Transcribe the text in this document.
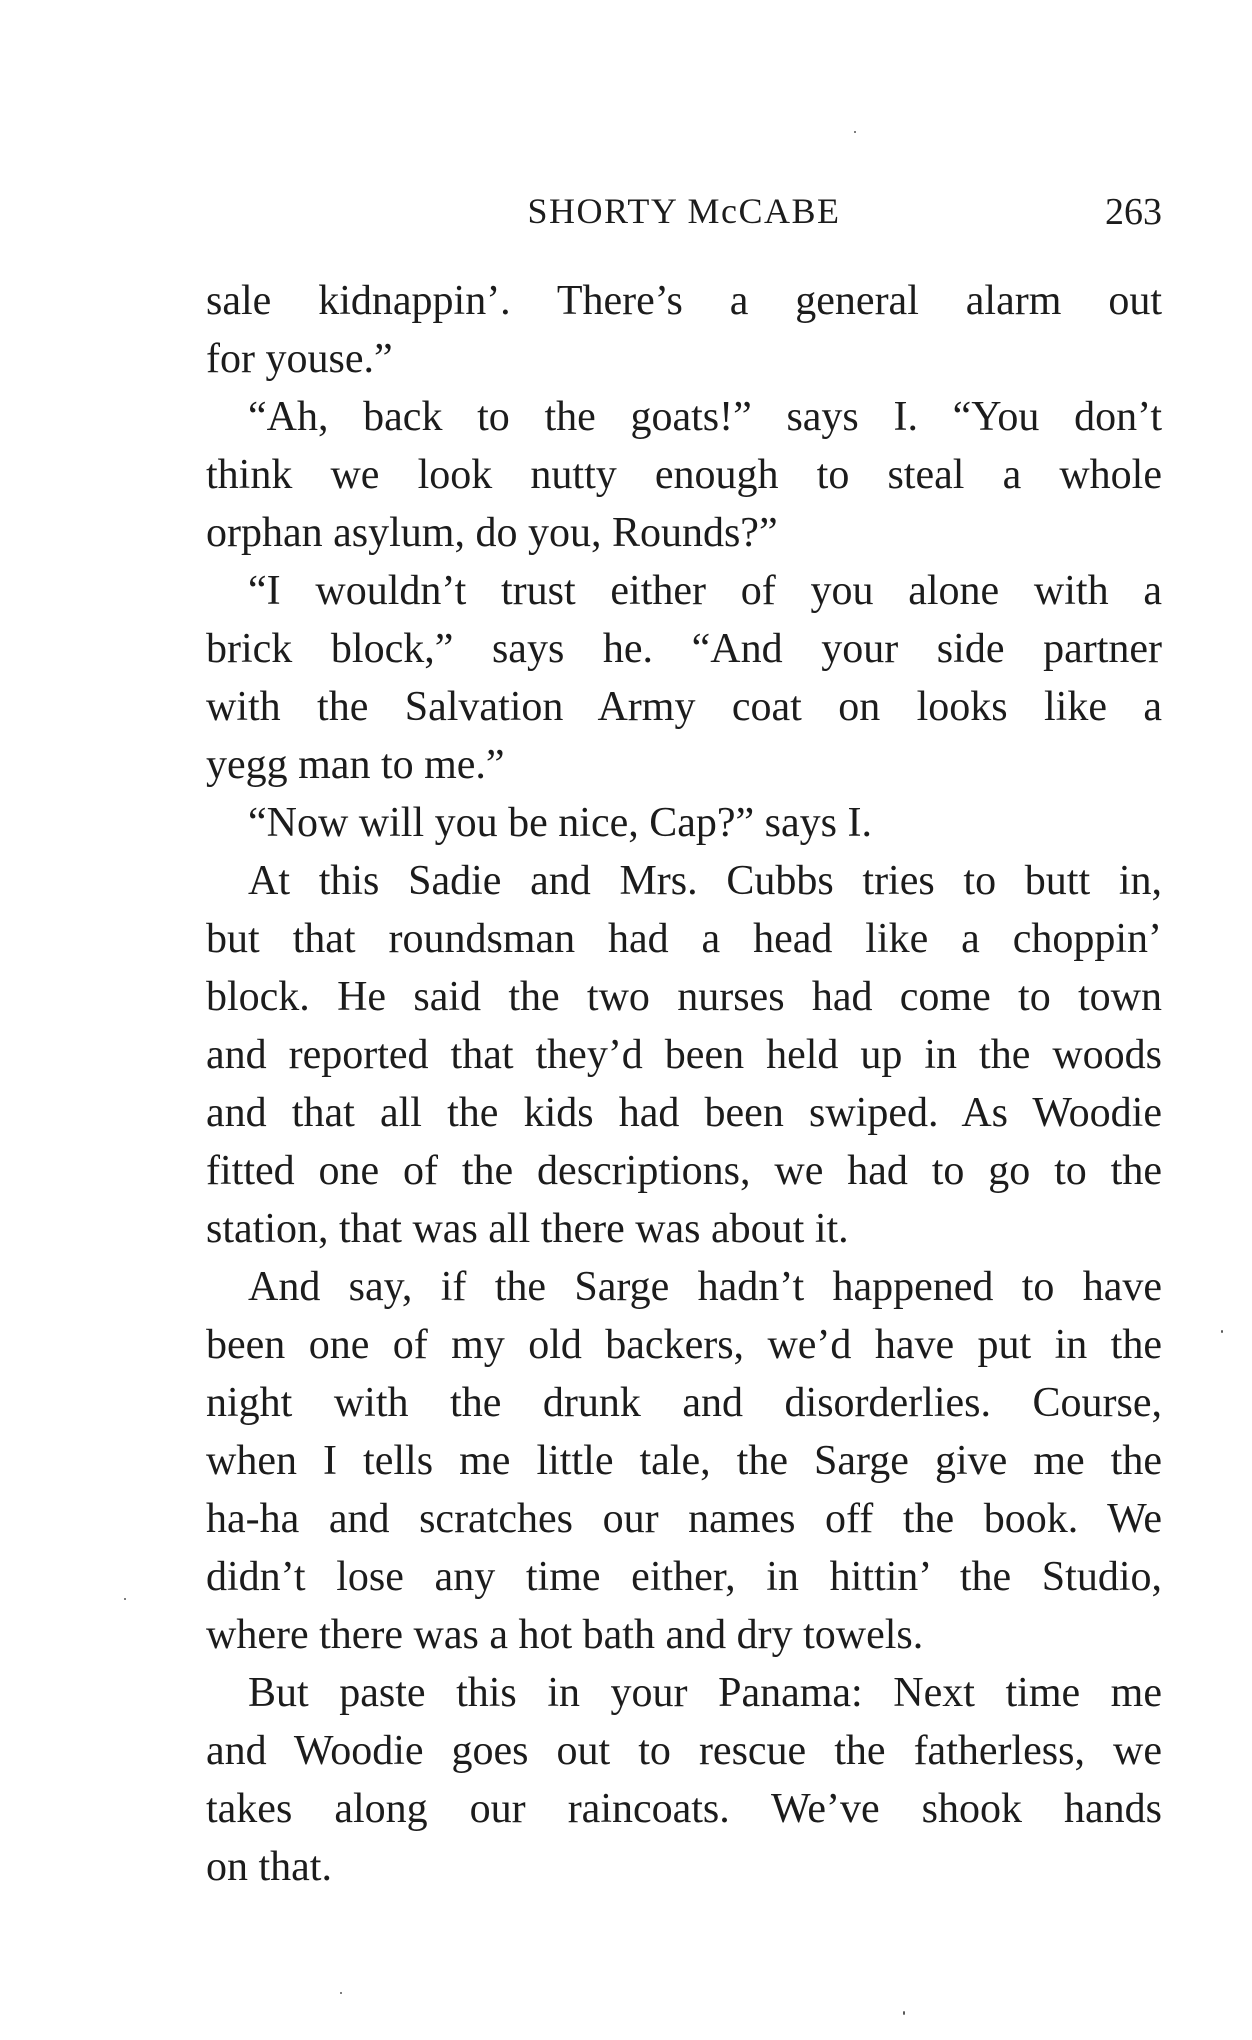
SHORTY McCABE	263
sale kidnappin’. There’s a general alarm out
for youse.”
“Ah, back to the goats!” says I. “You don’t
think we look nutty enough to steal a whole
orphan asylum, do you, Rounds?”
“I wouldn’t trust either of you alone with a
brick block,” says he. “And your side partner
with the Salvation Army coat on looks like a
yegg man to me.”
“Now will you be nice, Cap?” says I.
At this Sadie and Mrs. Cubbs tries to butt in,
but that roundsman had a head like a choppin’
block. He said the two nurses had come to town
and reported that they’d been held up in the woods
and that all the kids had been swiped. As Woodie
fitted one of the descriptions, we had to go to the
station, that was all there was about it.
And say, if the Sarge hadn’t happened to have
been one of my old backers, we’d have put in the
night with the drunk and disorderlies. Course,
when I tells me little tale, the Sarge give me the
ha-ha and scratches our names off the book. We
didn’t lose any time either, in hittin’ the Studio,
where there was a hot bath and dry towels.
But paste this in your Panama: Next time me
and Woodie goes out to rescue the fatherless, we
takes along our raincoats. We’ve shook hands
on that.
